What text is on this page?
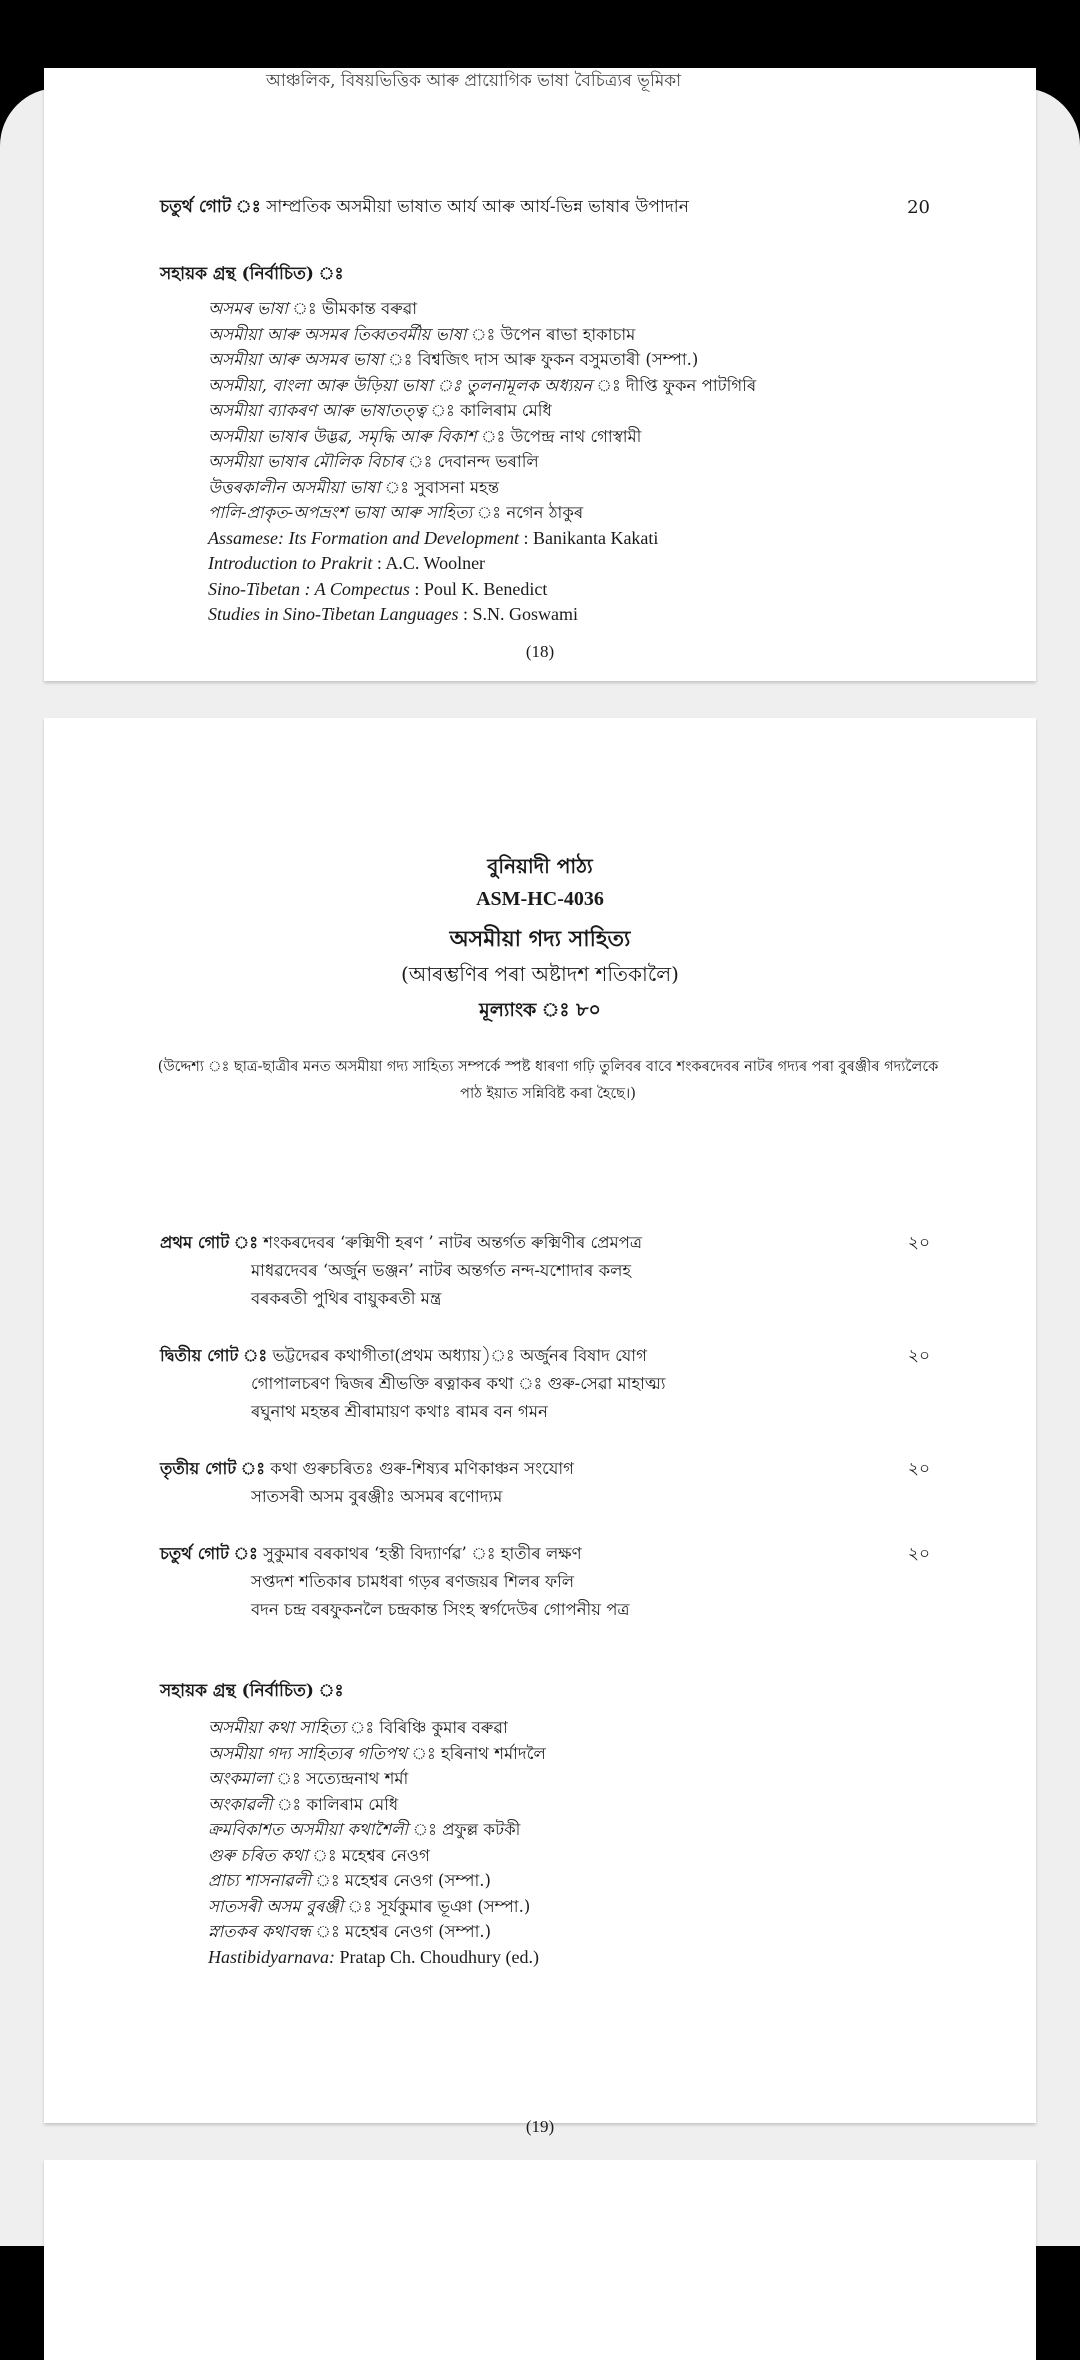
আঞ্চলিক, বিষয়ভিত্তিক আৰু প্ৰায়োগিক ভাষা বৈচিত্ৰ্যৰ ভূমিকা
চতুৰ্থ গোট ঃ সাম্প্ৰতিক অসমীয়া ভাষাত আৰ্য আৰু আৰ্য-ভিন্ন ভাষাৰ উপাদান	20
সহায়ক গ্ৰন্থ (নিৰ্বাচিত) ঃ
অসমৰ ভাষা ঃ ভীমকান্ত বৰুৱা
অসমীয়া আৰু অসমৰ তিব্বতবৰ্মীয় ভাষা ঃ উপেন ৰাভা হাকাচাম
অসমীয়া আৰু অসমৰ ভাষা ঃ বিশ্বজিৎ দাস আৰু ফুকন বসুমতাৰী (সম্পা.)
অসমীয়া, বাংলা আৰু উড়িয়া ভাষা ঃ তুলনামূলক অধ্যয়ন ঃ দীপ্তি ফুকন পাটগিৰি
অসমীয়া ব্যাকৰণ আৰু ভাষাতত্ত্ব ঃ কালিৰাম মেধি
অসমীয়া ভাষাৰ উদ্ভৱ, সমৃদ্ধি আৰু বিকাশ ঃ উপেন্দ্ৰ নাথ গোস্বামী
অসমীয়া ভাষাৰ মৌলিক বিচাৰ ঃ দেবানন্দ ভৰালি
উত্তৰকালীন অসমীয়া ভাষা ঃ সুবাসনা মহন্ত
পালি-প্ৰাকৃত-অপভ্ৰংশ ভাষা আৰু সাহিত্য ঃ নগেন ঠাকুৰ
Assamese: Its Formation and Development : Banikanta Kakati
Introduction to Prakrit : A.C. Woolner
Sino-Tibetan : A Compectus : Poul K. Benedict
Studies in Sino-Tibetan Languages : S.N. Goswami
(18)
বুনিয়াদী পাঠ্য
ASM-HC-4036
অসমীয়া গদ্য সাহিত্য
(আৰম্ভণিৰ পৰা অষ্টাদশ শতিকালৈ)
মূল্যাংক ঃ ৮০
(উদ্দেশ্য ঃ ছাত্ৰ-ছাত্ৰীৰ মনত অসমীয়া গদ্য সাহিত্য সম্পৰ্কে স্পষ্ট ধাৰণা গঢ়ি তুলিবৰ বাবে শংকৰদেবৰ নাটৰ গদ্যৰ পৰা বুৰঞ্জীৰ গদ্যলৈকে পাঠ ইয়াত সন্নিবিষ্ট কৰা হৈছে।)
প্ৰথম গোট ঃ শংকৰদেবৰ ‘ৰুক্মিণী হৰণ ’ নাটৰ অন্তৰ্গত ৰুক্মিণীৰ প্ৰেমপত্ৰ
মাধৱদেবৰ ‘অৰ্জুন ভঞ্জন’ নাটৰ অন্তৰ্গত নন্দ-যশোদাৰ কলহ
বৰকৰতী পুথিৰ বায়ুকৰতী মন্ত্ৰ
২০
দ্বিতীয় গোট ঃ ভট্টদেৱৰ কথাগীতা(প্ৰথম অধ্যায়)ঃ অৰ্জুনৰ বিষাদ যোগ
গোপালচৰণ দ্বিজৰ শ্ৰীভক্তি ৰত্নাকৰ কথা ঃ গুৰু-সেৱা মাহাত্ম্য
ৰঘুনাথ মহন্তৰ শ্ৰীৰামায়ণ কথাঃ ৰামৰ বন গমন
২০
তৃতীয় গোট ঃ কথা গুৰুচৰিতঃ গুৰু-শিষ্যৰ মণিকাঞ্চন সংযোগ
সাতসৰী অসম বুৰঞ্জীঃ অসমৰ ৰণোদ্যম
২০
চতুৰ্থ গোট ঃ সুকুমাৰ বৰকাথৰ ‘হস্তী বিদ্যাৰ্ণৱ’ ঃ হাতীৰ লক্ষণ
সপ্তদশ শতিকাৰ চামধৰা গড়ৰ ৰণজয়ৰ শিলৰ ফলি
বদন চন্দ্ৰ বৰফুকনলৈ চন্দ্ৰকান্ত সিংহ স্বৰ্গদেউৰ গোপনীয় পত্ৰ
২০
সহায়ক গ্ৰন্থ (নিৰ্বাচিত) ঃ
অসমীয়া কথা সাহিত্য ঃ বিৰিঞ্চি কুমাৰ বৰুৱা
অসমীয়া গদ্য সাহিত্যৰ গতিপথ ঃ হৰিনাথ শৰ্মাদলৈ
অংকমালা ঃ সত্যেন্দ্ৰনাথ শৰ্মা
অংকাৱলী ঃ কালিৰাম মেধি
ক্ৰমবিকাশত অসমীয়া কথাশৈলী ঃ প্ৰফুল্ল কটকী
গুৰু চৰিত কথা ঃ মহেশ্বৰ নেওগ
প্ৰাচ্য শাসনাৱলী ঃ মহেশ্বৰ নেওগ (সম্পা.)
সাতসৰী অসম বুৰঞ্জী ঃ সূৰ্যকুমাৰ ভূঞা (সম্পা.)
স্নাতকৰ কথাবন্ধ ঃ মহেশ্বৰ নেওগ (সম্পা.)
Hastibidyarnava: Pratap Ch. Choudhury (ed.)
(19)
